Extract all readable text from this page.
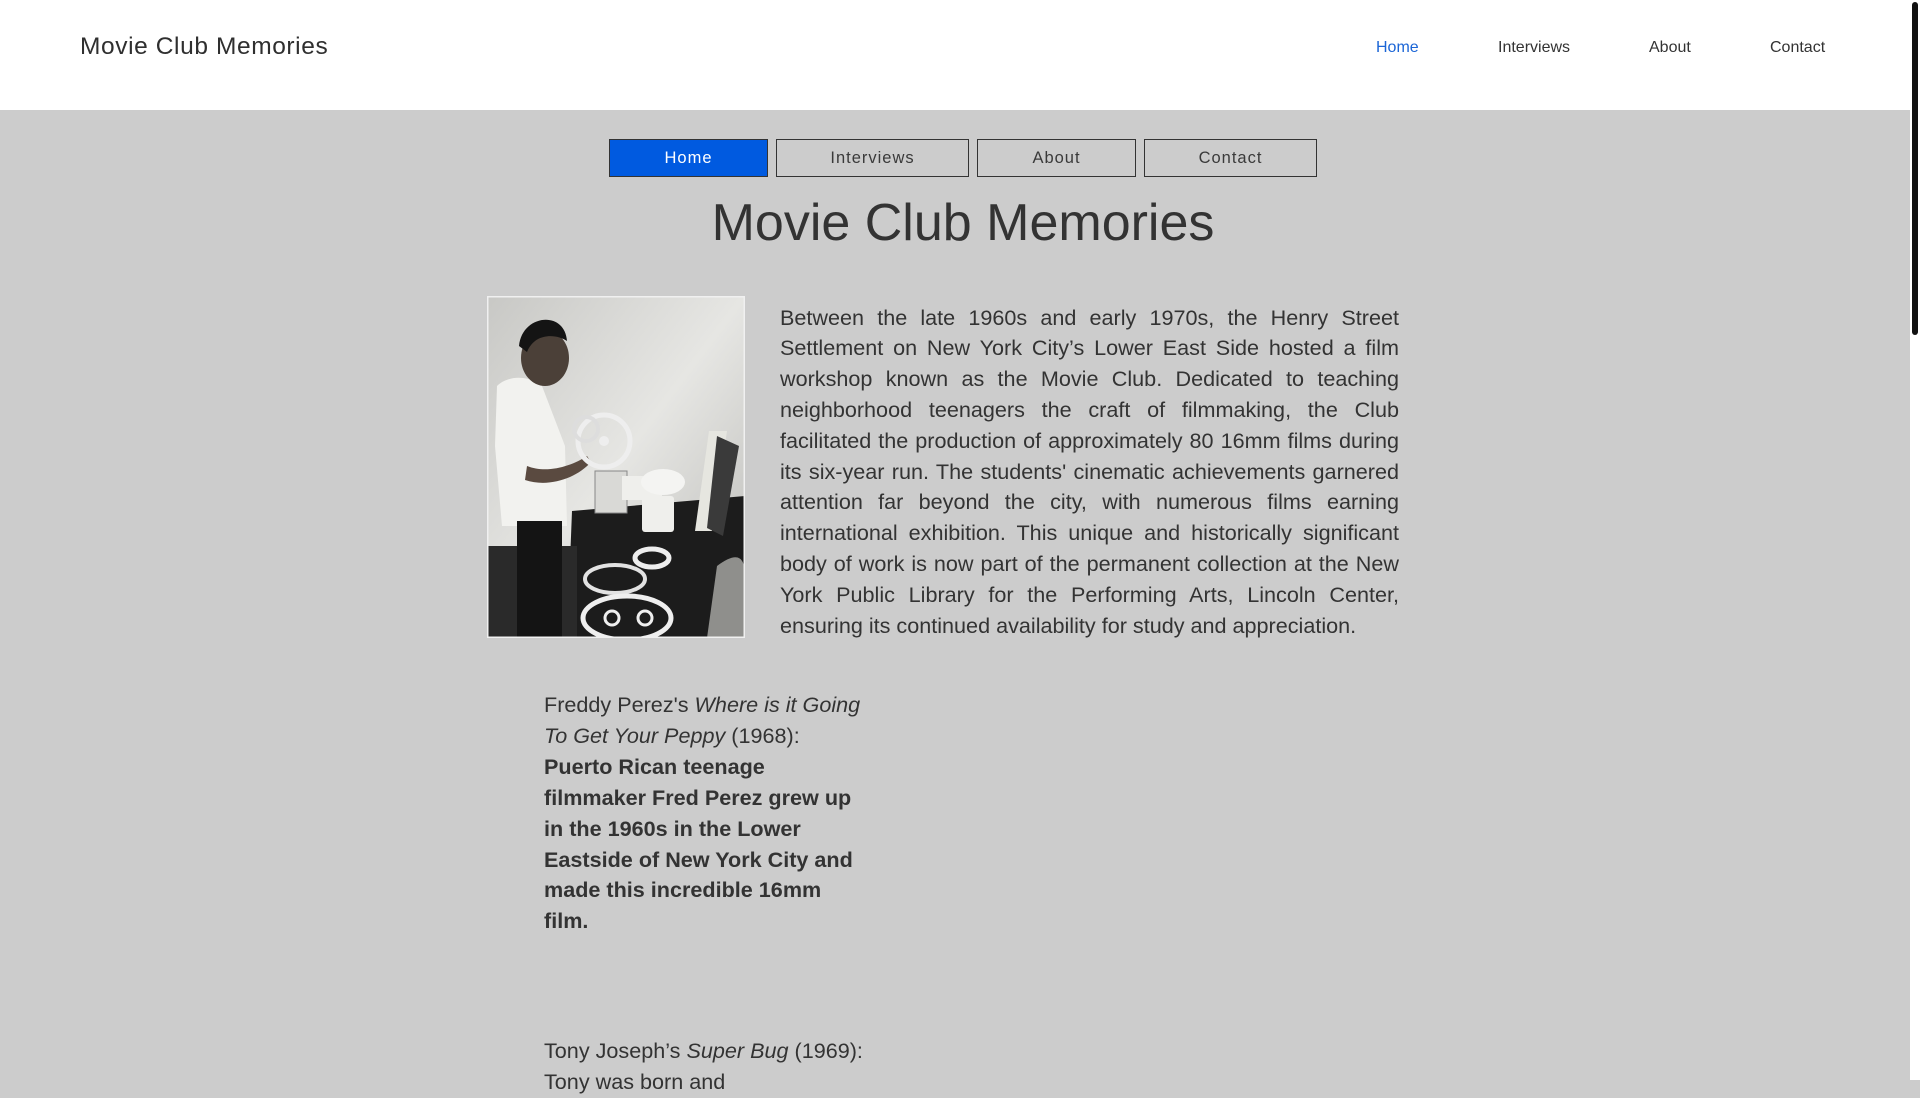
Movie Club Memories	Home	Interviews	About	Contact
Home	Interviews	About	Contact
Movie Club Memories

Between the late 1960s and early 1970s, the Henry Street Settlement on New York City’s Lower East Side hosted a film workshop known as the Movie Club. Dedicated to teaching neighborhood teenagers the craft of filmmaking, the Club facilitated the production of approximately 80 16mm films during its six-year run. The students' cinematic achievements garnered attention far beyond the city, with numerous films earning international exhibition. This unique and historically significant body of work is now part of the permanent collection at the New York Public Library for the Performing Arts, Lincoln Center, ensuring its continued availability for study and appreciation.

Freddy Perez's Where is it Going To Get Your Peppy (1968): Puerto Rican teenage filmmaker Fred Perez grew up in the 1960s in the Lower Eastside of New York City and made this incredible 16mm film.
Tony Joseph’s Super Bug (1969): Tony was born and
